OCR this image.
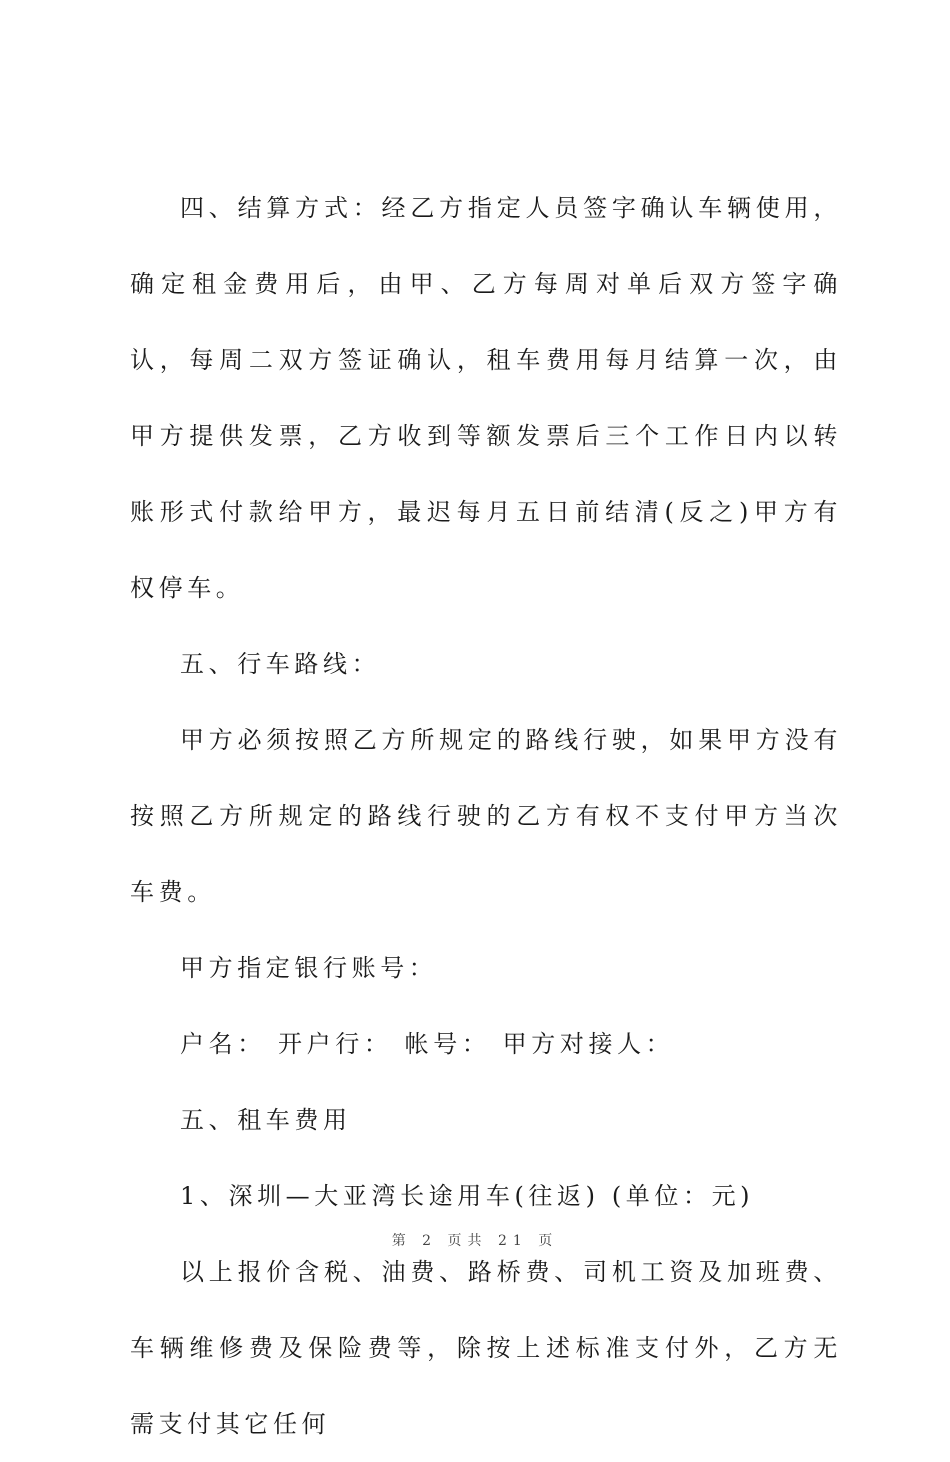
四、结算方式：经乙方指定人员签字确认车辆使用，确定租金费用后，由甲、乙方每周对单后双方签字确认，每周二双方签证确认，租车费用每月结算一次，由甲方提供发票，乙方收到等额发票后三个工作日内以转账形式付款给甲方，最迟每月五日前结清(反之)甲方有权停车。

五、行车路线：

甲方必须按照乙方所规定的路线行驶，如果甲方没有按照乙方所规定的路线行驶的乙方有权不支付甲方当次车费。

甲方指定银行账号：

户名： 开户行： 帐号： 甲方对接人：

五、租车费用

1、深圳—大亚湾长途用车(往返) (单位：元)

以上报价含税、油费、路桥费、司机工资及加班费、车辆维修费及保险费等，除按上述标准支付外，乙方无需支付其它任何

第 2 页共 21 页
